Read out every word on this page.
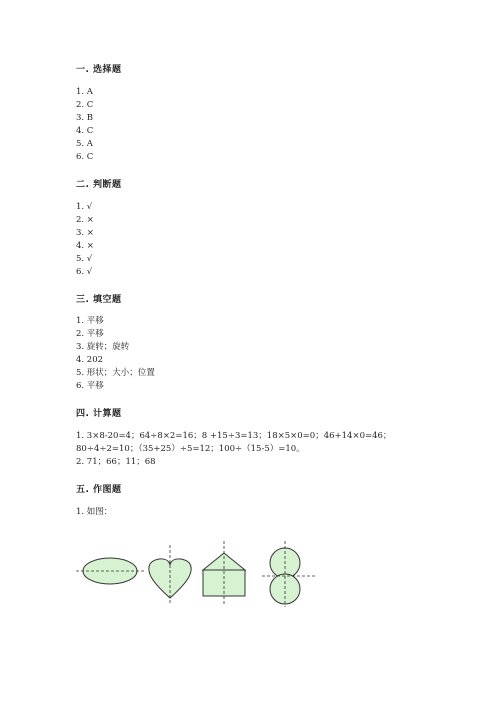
一. 选择题
1. A
2. C
3. B
4. C
5. A
6. C
二. 判断题
1. √
2. ×
3. ×
4. ×
5. √
6. √
三. 填空题
1. 平移
2. 平移
3. 旋转；旋转
4. 202
5. 形状；大小；位置
6. 平移
四. 计算题
1. 3×8-20=4；64÷8×2=16；8 +15÷3=13；18×5×0=0；46+14×0=46；
80÷4÷2=10；（35+25）÷5=12；100÷（15-5）=10。
2. 71；66；11；68
五. 作图题
1. 如图：
